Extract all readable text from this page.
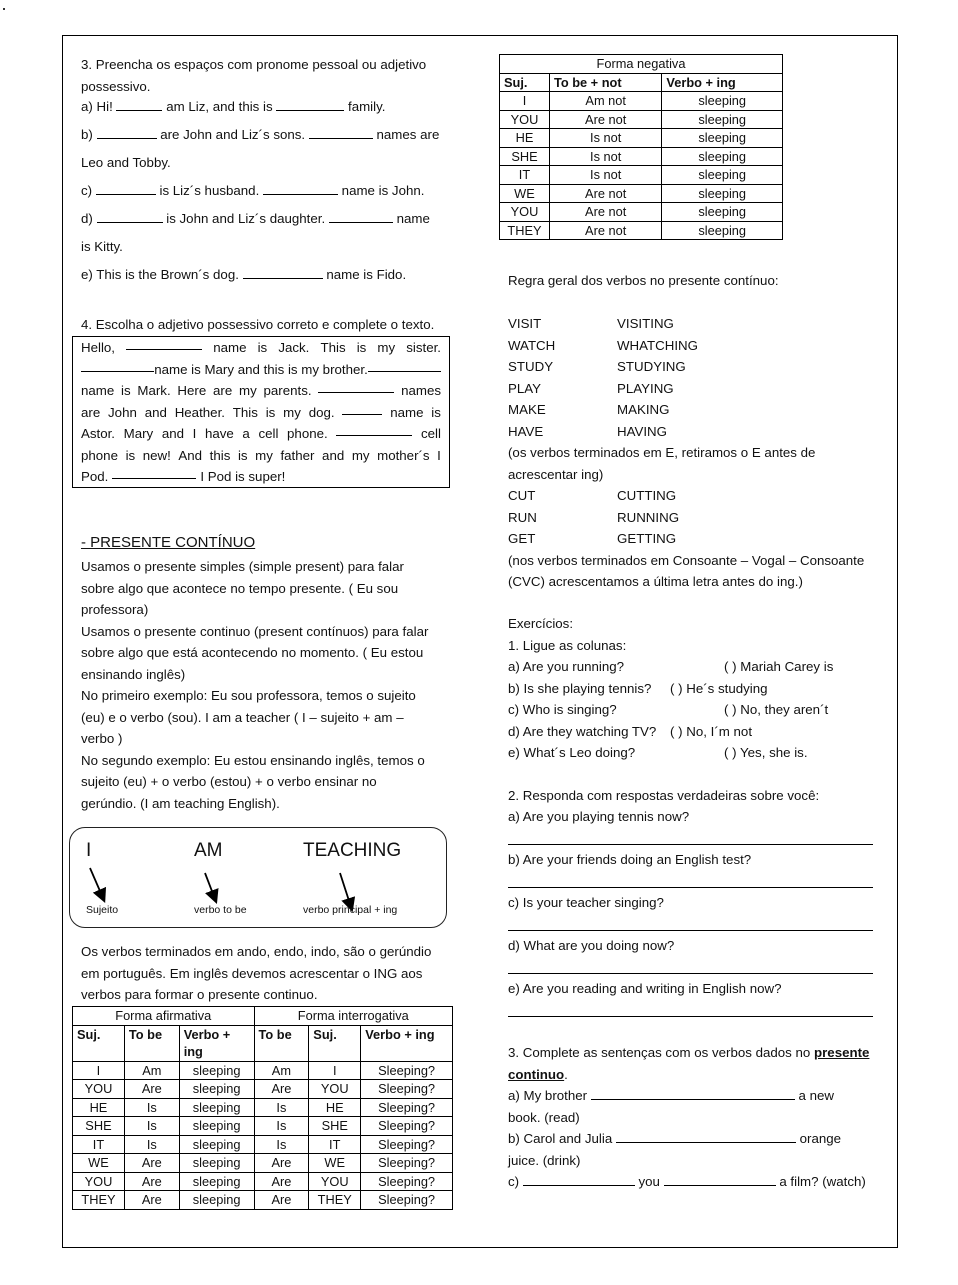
3. Preencha os espaços com pronome pessoal ou adjetivo
possessivo.
a) Hi!	am Liz, and this is	family.
b)	are John and Liz´s sons.	names are
Leo and Tobby.
c)	is Liz´s husband.	name is John.
d)	is John and Liz´s daughter.	name
is Kitty.
e) This is the Brown´s dog.	name is Fido.
4. Escolha o adjetivo possessivo correto e complete o texto.
Hello,	name is Jack. This is my sister.
name is Mary and this is my brother.
name is Mark. Here are my parents.	names
are John and Heather. This is my dog.	name is
Astor. Mary and I have a cell phone.	cell
phone is new! And this is my father and my mother´s I
Pod.	I Pod is super!
- PRESENTE CONTÍNUO
Usamos o presente simples (simple present) para falar
sobre algo que acontece no tempo presente. ( Eu sou
professora)
Usamos o presente continuo (present contínuos) para falar
sobre algo que está acontecendo no momento. ( Eu estou
ensinando inglês)
No primeiro exemplo: Eu sou professora, temos o sujeito
(eu) e o verbo (sou). I am a teacher ( I – sujeito + am –
verbo )
No segundo exemplo: Eu estou ensinando inglês, temos o
sujeito (eu) + o verbo (estou) + o verbo ensinar no
gerúndio. (I am teaching English).
I	AM	TEACHING
Sujeito	verbo to be	verbo principal + ing
Os verbos terminados em ando, endo, indo, são o gerúndio
em português. Em inglês devemos acrescentar o ING aos
verbos para formar o presente continuo.
Forma afirmativa			Forma interrogativa		
Suj.	To be	Verbo + ing	To be	Suj.	Verbo + ing
I	Am	sleeping	Am	I	Sleeping?
YOU	Are	sleeping	Are	YOU	Sleeping?
HE	Is	sleeping	Is	HE	Sleeping?
SHE	Is	sleeping	Is	SHE	Sleeping?
IT	Is	sleeping	Is	IT	Sleeping?
WE	Are	sleeping	Are	WE	Sleeping?
YOU	Are	sleeping	Are	YOU	Sleeping?
THEY	Are	sleeping	Are	THEY	Sleeping?
Forma negativa		
Suj.	To be + not	Verbo + ing
I	Am not	sleeping
YOU	Are not	sleeping
HE	Is not	sleeping
SHE	Is not	sleeping
IT	Is not	sleeping
WE	Are not	sleeping
YOU	Are not	sleeping
THEY	Are not	sleeping
Regra geral dos verbos no presente contínuo:
VISIT	VISITING
WATCH	WHATCHING
STUDY	STUDYING
PLAY	PLAYING
MAKE	MAKING
HAVE	HAVING
(os verbos terminados em E, retiramos o E antes de
acrescentar ing)
CUT	CUTTING
RUN	RUNNING
GET	GETTING
(nos verbos terminados em Consoante – Vogal – Consoante
(CVC) acrescentamos a última letra antes do ing.)
Exercícios:
1. Ligue as colunas:
a) Are you running?	( ) Mariah Carey is
b) Is she playing tennis? ( ) He´s studying
c) Who is singing?	( ) No, they aren´t
d) Are they watching TV? ( ) No, I´m not
e) What´s Leo doing?	( ) Yes, she is.
2. Responda com respostas verdadeiras sobre você:
a) Are you playing tennis now?
b) Are your friends doing an English test?
c) Is your teacher singing?
d) What are you doing now?
e) Are you reading and writing in English now?
3. Complete as sentenças com os verbos dados no presente
continuo.
a) My brother	a new
book. (read)
b) Carol and Julia	orange
juice. (drink)
c)	you	a film? (watch)
